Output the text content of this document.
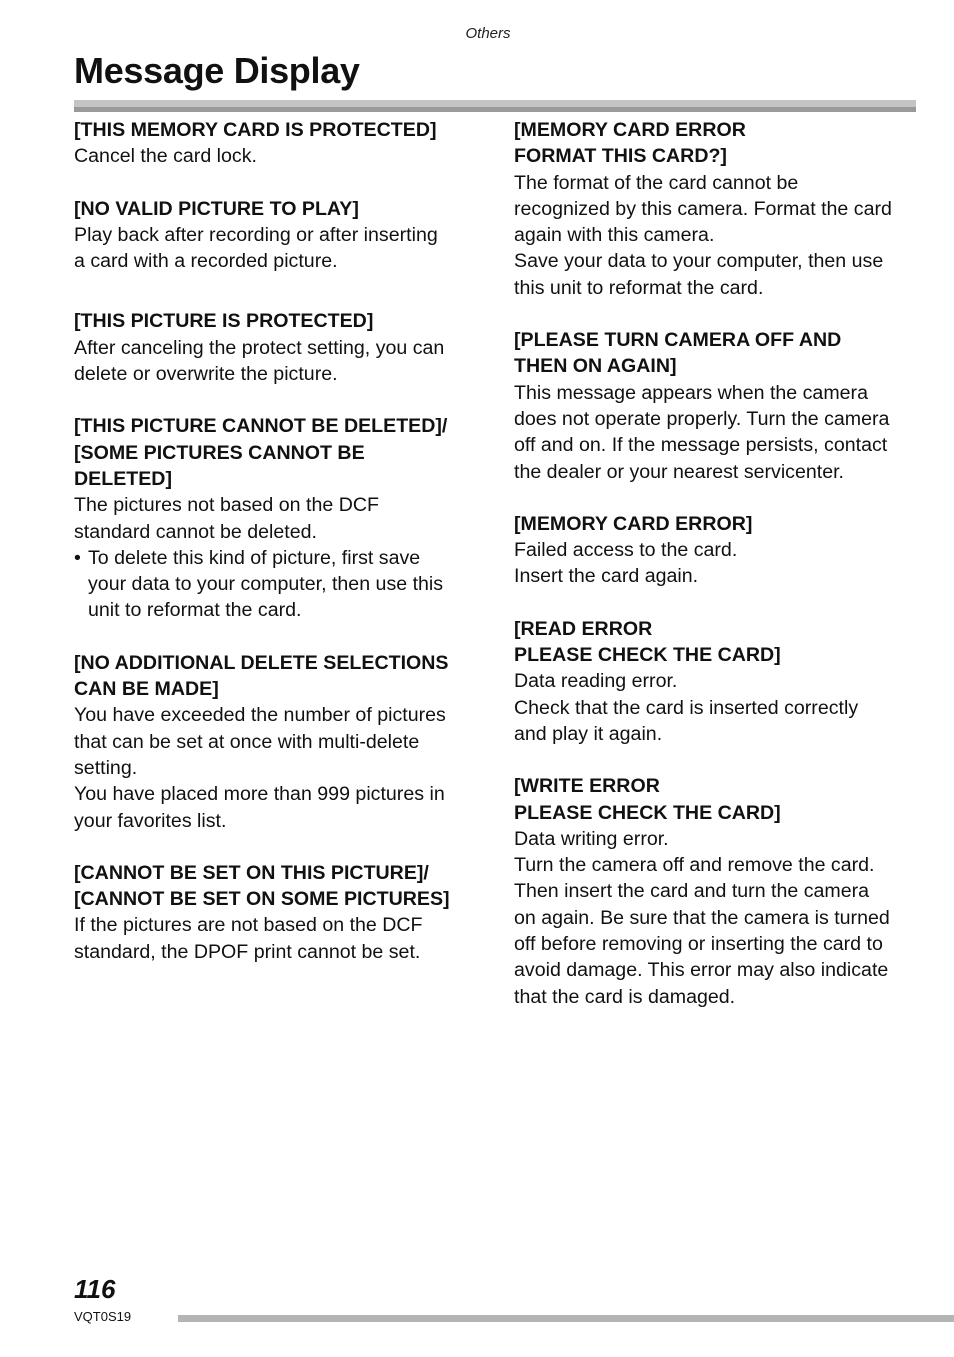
Others
Message Display
[THIS MEMORY CARD IS PROTECTED]
Cancel the card lock.
[NO VALID PICTURE TO PLAY]
Play back after recording or after inserting
a card with a recorded picture.
[THIS PICTURE IS PROTECTED]
After canceling the protect setting, you can
delete or overwrite the picture.
[THIS PICTURE CANNOT BE DELETED]/
[SOME PICTURES CANNOT BE
DELETED]
The pictures not based on the DCF
standard cannot be deleted.
• To delete this kind of picture, first save
your data to your computer, then use this
unit to reformat the card.
[NO ADDITIONAL DELETE SELECTIONS
CAN BE MADE]
You have exceeded the number of pictures
that can be set at once with multi-delete
setting.
You have placed more than 999 pictures in
your favorites list.
[CANNOT BE SET ON THIS PICTURE]/
[CANNOT BE SET ON SOME PICTURES]
If the pictures are not based on the DCF
standard, the DPOF print cannot be set.
[MEMORY CARD ERROR
FORMAT THIS CARD?]
The format of the card cannot be
recognized by this camera. Format the card
again with this camera.
Save your data to your computer, then use
this unit to reformat the card.
[PLEASE TURN CAMERA OFF AND
THEN ON AGAIN]
This message appears when the camera
does not operate properly. Turn the camera
off and on. If the message persists, contact
the dealer or your nearest servicenter.
[MEMORY CARD ERROR]
Failed access to the card.
Insert the card again.
[READ ERROR
PLEASE CHECK THE CARD]
Data reading error.
Check that the card is inserted correctly
and play it again.
[WRITE ERROR
PLEASE CHECK THE CARD]
Data writing error.
Turn the camera off and remove the card.
Then insert the card and turn the camera
on again. Be sure that the camera is turned
off before removing or inserting the card to
avoid damage. This error may also indicate
that the card is damaged.
116
VQT0S19
